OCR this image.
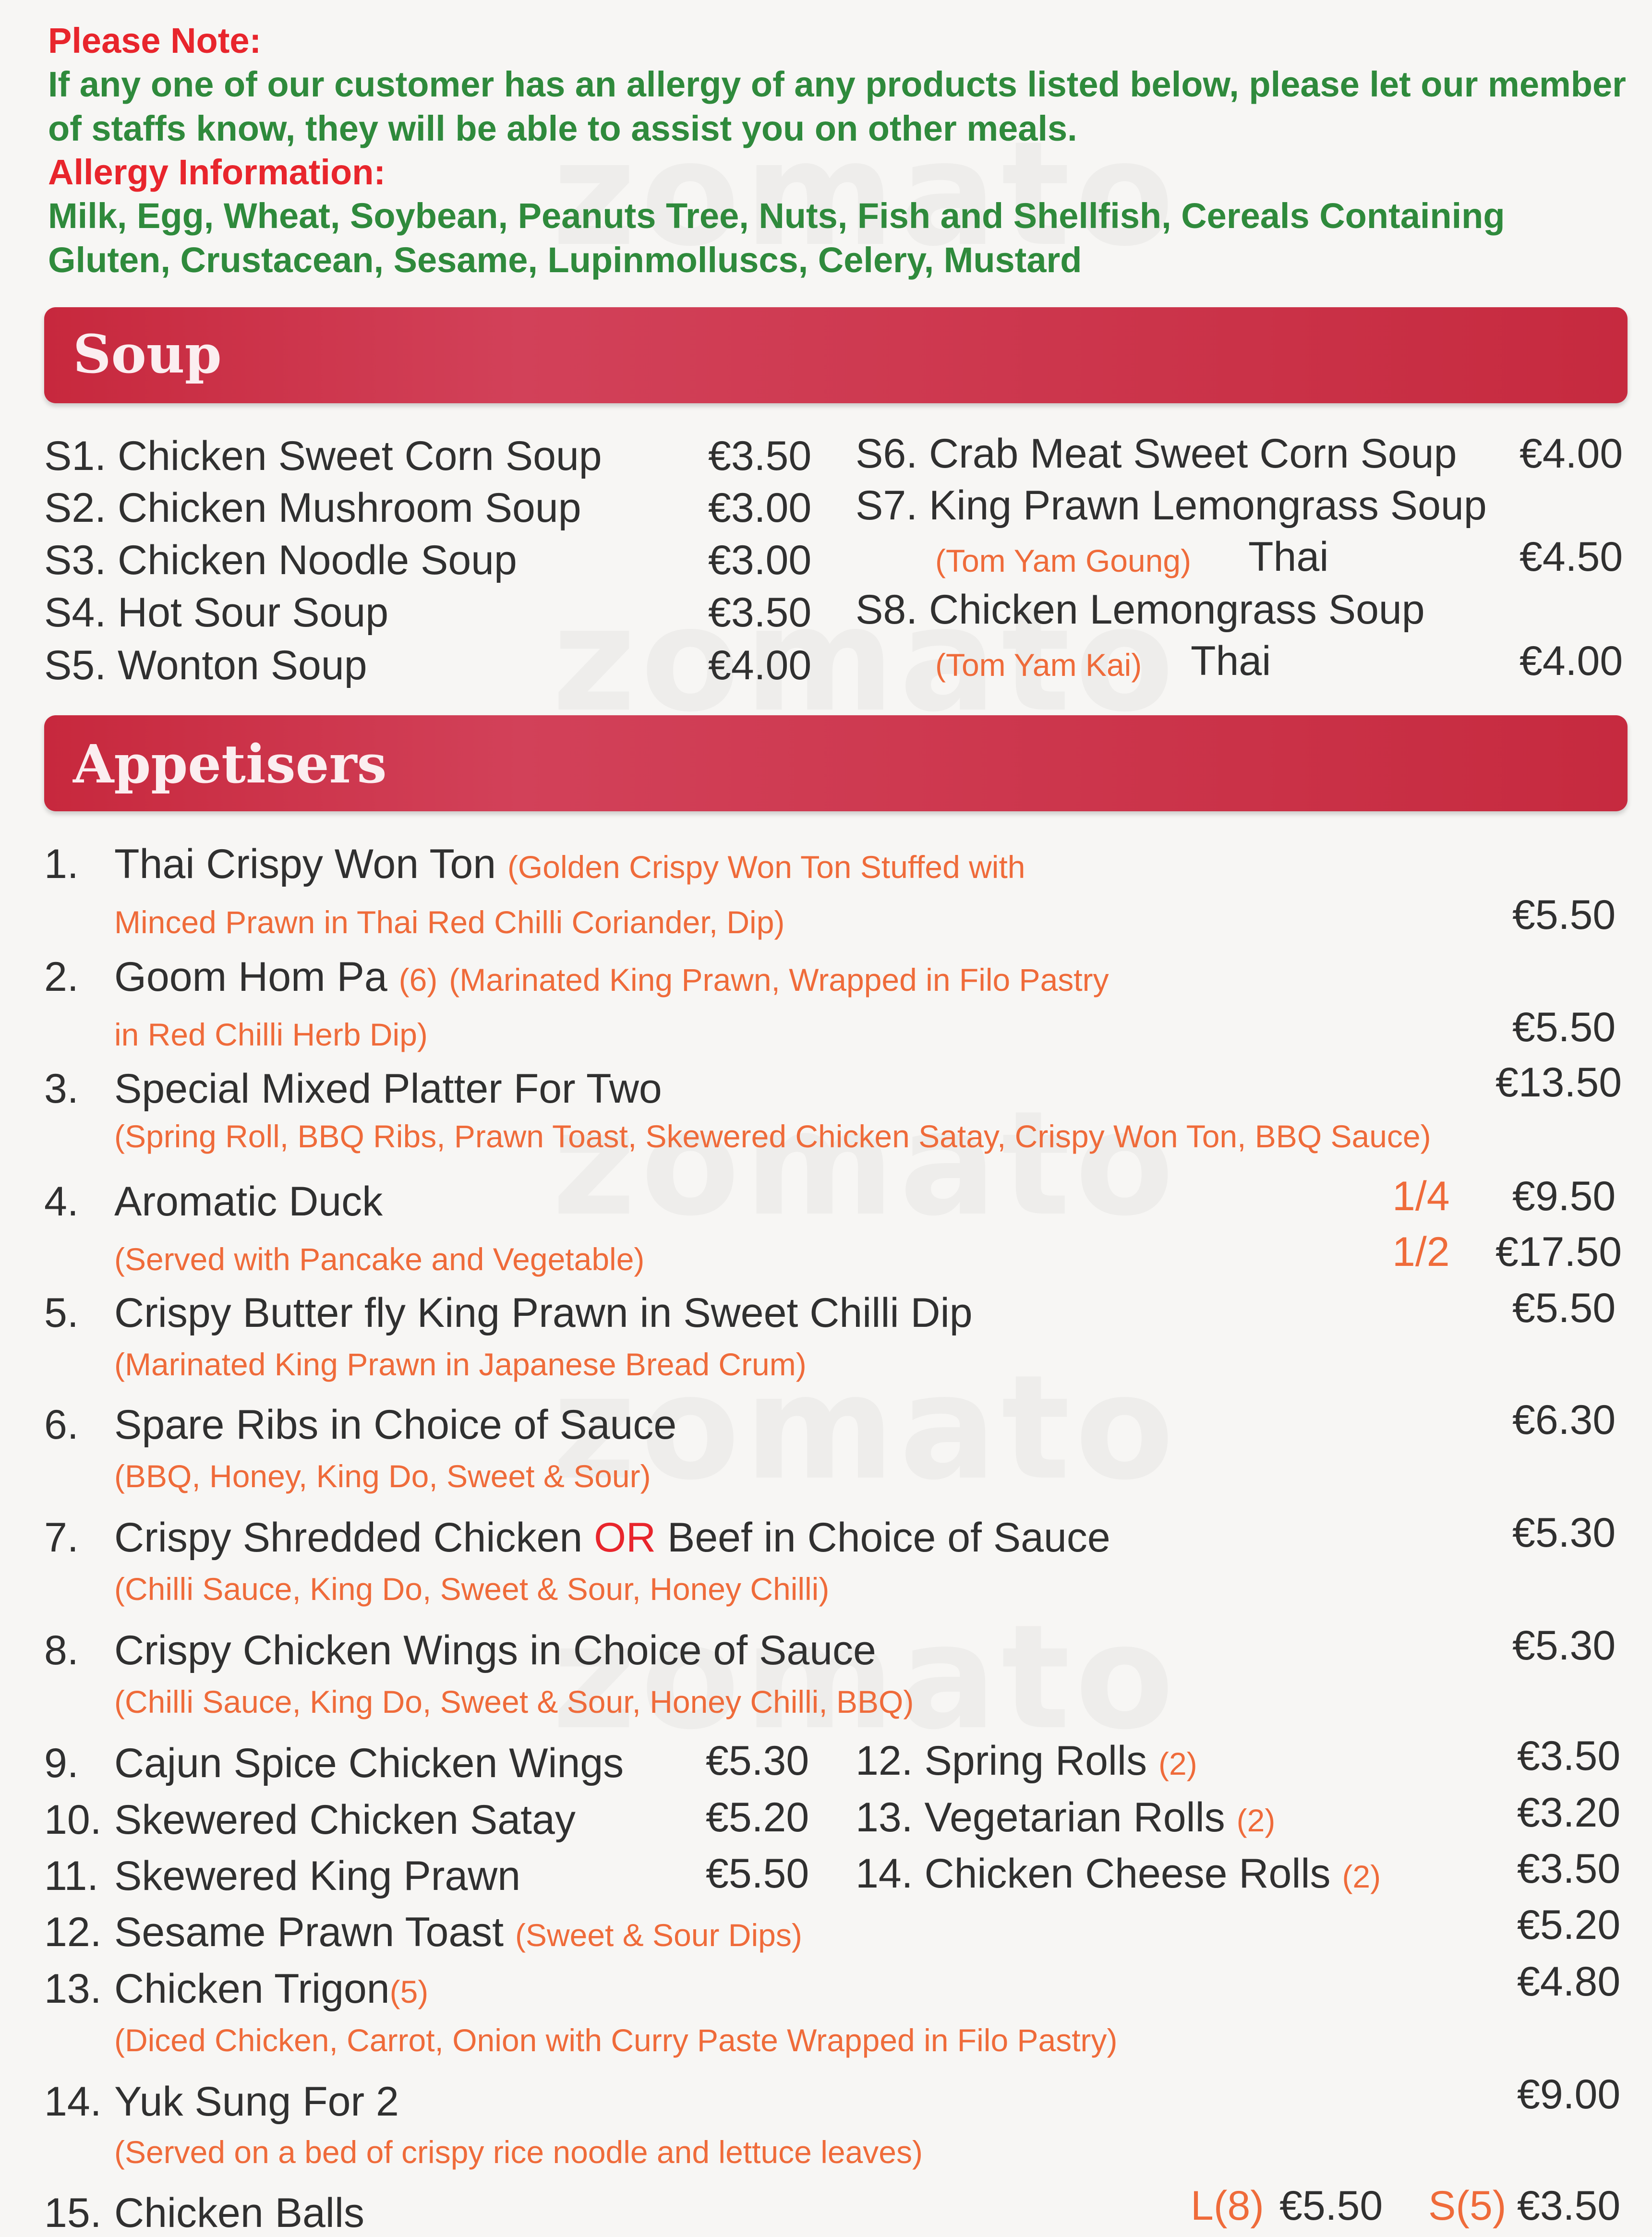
Please Note:
If any one of our customer has an allergy of any products listed below, please let our member of staffs know, they will be able to assist you on other meals.
Allergy Information:
Milk, Egg, Wheat, Soybean, Peanuts Tree, Nuts, Fish and Shellfish, Cereals Containing Gluten, Crustacean, Sesame, Lupinmolluscs, Celery, Mustard
Soup
S1. Chicken Sweet Corn Soup	€3.50
S2. Chicken Mushroom Soup	€3.00
S3. Chicken Noodle Soup	€3.00
S4. Hot Sour Soup	€3.50
S5. Wonton Soup	€4.00
S6. Crab Meat Sweet Corn Soup €4.00
S7. King Prawn Lemongrass Soup
(Tom Yam Goung) Thai	€4.50
S8. Chicken Lemongrass Soup
(Tom Yam Kai) Thai	€4.00
Appetisers
1. Thai Crispy Won Ton (Golden Crispy Won Ton Stuffed with
Minced Prawn in Thai Red Chilli Coriander, Dip)	€5.50
2. Goom Hom Pa (6) (Marinated King Prawn, Wrapped in Filo Pastry
in Red Chilli Herb Dip)	€5.50
3. Special Mixed Platter For Two	€13.50
(Spring Roll, BBQ Ribs, Prawn Toast, Skewered Chicken Satay, Crispy Won Ton, BBQ Sauce)
4. Aromatic Duck	1/4 €9.50
(Served with Pancake and Vegetable)	1/2 €17.50
5. Crispy Butter fly King Prawn in Sweet Chilli Dip	€5.50
(Marinated King Prawn in Japanese Bread Crum)
6. Spare Ribs in Choice of Sauce	€6.30
(BBQ, Honey, King Do, Sweet & Sour)
7. Crispy Shredded Chicken OR Beef in Choice of Sauce	€5.30
(Chilli Sauce, King Do, Sweet & Sour, Honey Chilli)
8. Crispy Chicken Wings in Choice of Sauce	€5.30
(Chilli Sauce, King Do, Sweet & Sour, Honey Chilli, BBQ)
9. Cajun Spice Chicken Wings €5.30
10. Skewered Chicken Satay	€5.20
11. Skewered King Prawn	€5.50
12. Spring Rolls (2)	€3.50
13. Vegetarian Rolls (2)	€3.20
14. Chicken Cheese Rolls (2)	€3.50
12. Sesame Prawn Toast (Sweet & Sour Dips)	€5.20
13. Chicken Trigon(5)	€4.80
(Diced Chicken, Carrot, Onion with Curry Paste Wrapped in Filo Pastry)
14. Yuk Sung For 2	€9.00
(Served on a bed of crispy rice noodle and lettuce leaves)
15. Chicken Balls	L(8) €5.50 S(5) €3.50
